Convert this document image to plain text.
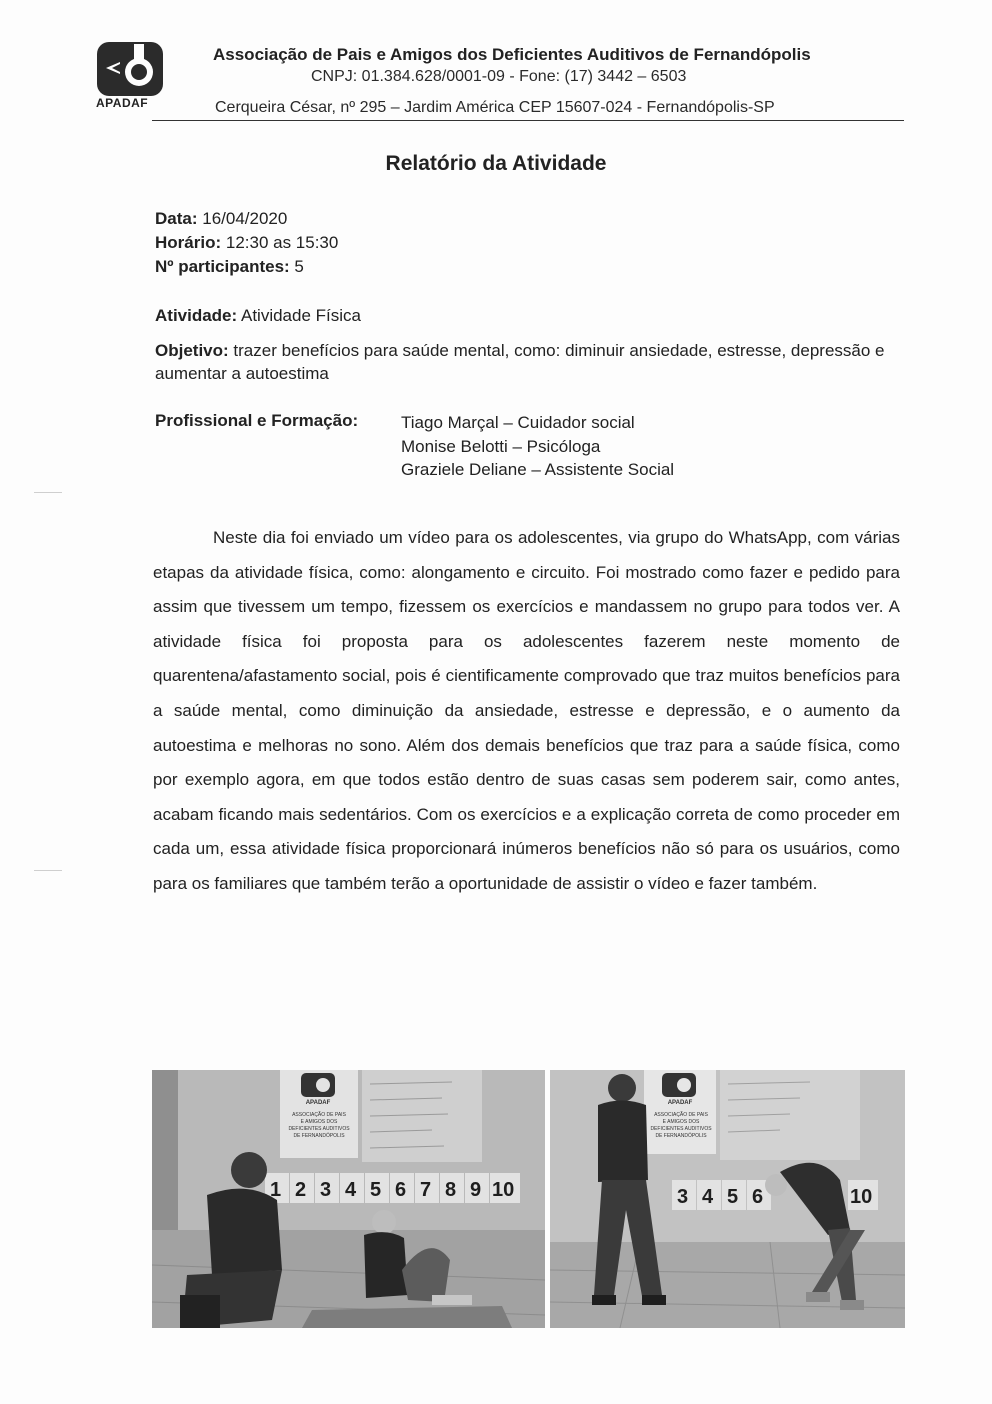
APADAF
Associação de Pais e Amigos dos Deficientes Auditivos de Fernandópolis
CNPJ: 01.384.628/0001-09 - Fone: (17) 3442 – 6503
Cerqueira César, nº 295 – Jardim América CEP 15607-024 - Fernandópolis-SP
Relatório da Atividade
Data: 16/04/2020
Horário: 12:30 as 15:30
Nº participantes: 5
Atividade: Atividade Física
Objetivo: trazer benefícios para saúde mental, como: diminuir ansiedade, estresse, depressão e aumentar a autoestima
Profissional e Formação:	Tiago Marçal – Cuidador social
Monise Belotti – Psicóloga
Graziele Deliane – Assistente Social
Neste dia foi enviado um vídeo para os adolescentes, via grupo do WhatsApp, com várias etapas da atividade física, como: alongamento e circuito. Foi mostrado como fazer e pedido para assim que tivessem um tempo, fizessem os exercícios e mandassem no grupo para todos ver. A atividade física foi proposta para os adolescentes fazerem neste momento de quarentena/afastamento social, pois é cientificamente comprovado que traz muitos benefícios para a saúde mental, como diminuição da ansiedade, estresse e depressão, e o aumento da autoestima e melhoras no sono. Além dos demais benefícios que traz para a saúde física, como por exemplo agora, em que todos estão dentro de suas casas sem poderem sair, como antes, acabam ficando mais sedentários. Com os exercícios e a explicação correta de como proceder em cada um, essa atividade física proporcionará inúmeros benefícios não só para os usuários, como para os familiares que também terão a oportunidade de assistir o vídeo e fazer também.
APADAF
ASSOCIAÇÃO DE PAIS
E AMIGOS DOS
DEFICIENTES AUDITIVOS
DE FERNANDÓPOLIS
1 2 3 4 5 6 7 8 9 10
APADAF
ASSOCIAÇÃO DE PAIS
E AMIGOS DOS
DEFICIENTES AUDITIVOS
DE FERNANDÓPOLIS
3 4 5 6	10
